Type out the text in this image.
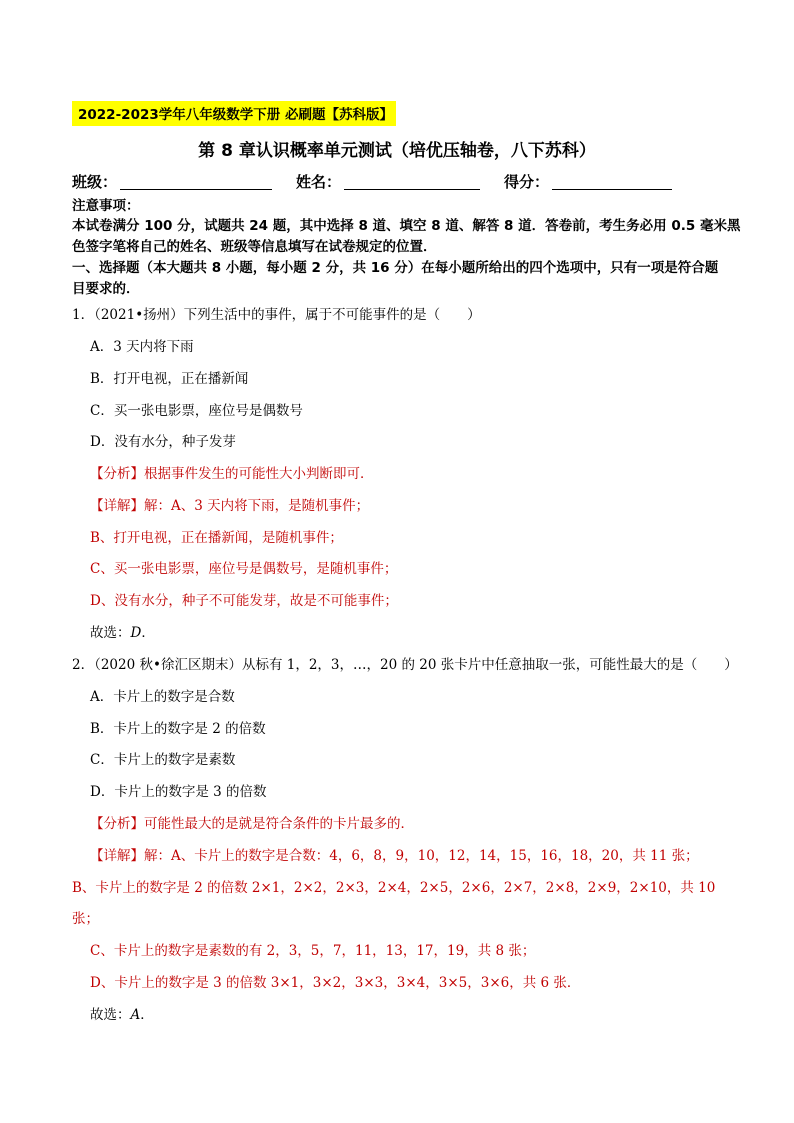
2022-2023学年八年级数学下册 必刷题【苏科版】
第 8 章认识概率单元测试（培优压轴卷，八下苏科）
班级：	姓名：	得分：
注意事项：
本试卷满分 100 分，试题共 24 题，其中选择 8 道、填空 8 道、解答 8 道．答卷前，考生务必用 0.5 毫米黑
色签字笔将自己的姓名、班级等信息填写在试卷规定的位置．
一、选择题（本大题共 8 小题，每小题 2 分，共 16 分）在每小题所给出的四个选项中，只有一项是符合题
目要求的．
1．（2021•扬州）下列生活中的事件，属于不可能事件的是（　　）
A．3 天内将下雨
B．打开电视，正在播新闻
C．买一张电影票，座位号是偶数号
D．没有水分，种子发芽
【分析】根据事件发生的可能性大小判断即可．
【详解】解：A、3 天内将下雨，是随机事件；
B、打开电视，正在播新闻，是随机事件；
C、买一张电影票，座位号是偶数号，是随机事件；
D、没有水分，种子不可能发芽，故是不可能事件；
故选：D．
2．（2020 秋•徐汇区期末）从标有 1，2，3，…，20 的 20 张卡片中任意抽取一张，可能性最大的是（　　）
A．卡片上的数字是合数
B．卡片上的数字是 2 的倍数
C．卡片上的数字是素数
D．卡片上的数字是 3 的倍数
【分析】可能性最大的是就是符合条件的卡片最多的．
【详解】解：A、卡片上的数字是合数：4，6，8，9，10，12，14，15，16，18，20，共 11 张；
B、卡片上的数字是 2 的倍数 2×1，2×2，2×3，2×4，2×5，2×6，2×7，2×8，2×9，2×10，共 10
张；
C、卡片上的数字是素数的有 2，3，5，7，11，13，17，19，共 8 张；
D、卡片上的数字是 3 的倍数 3×1，3×2，3×3，3×4，3×5，3×6，共 6 张．
故选：A．
